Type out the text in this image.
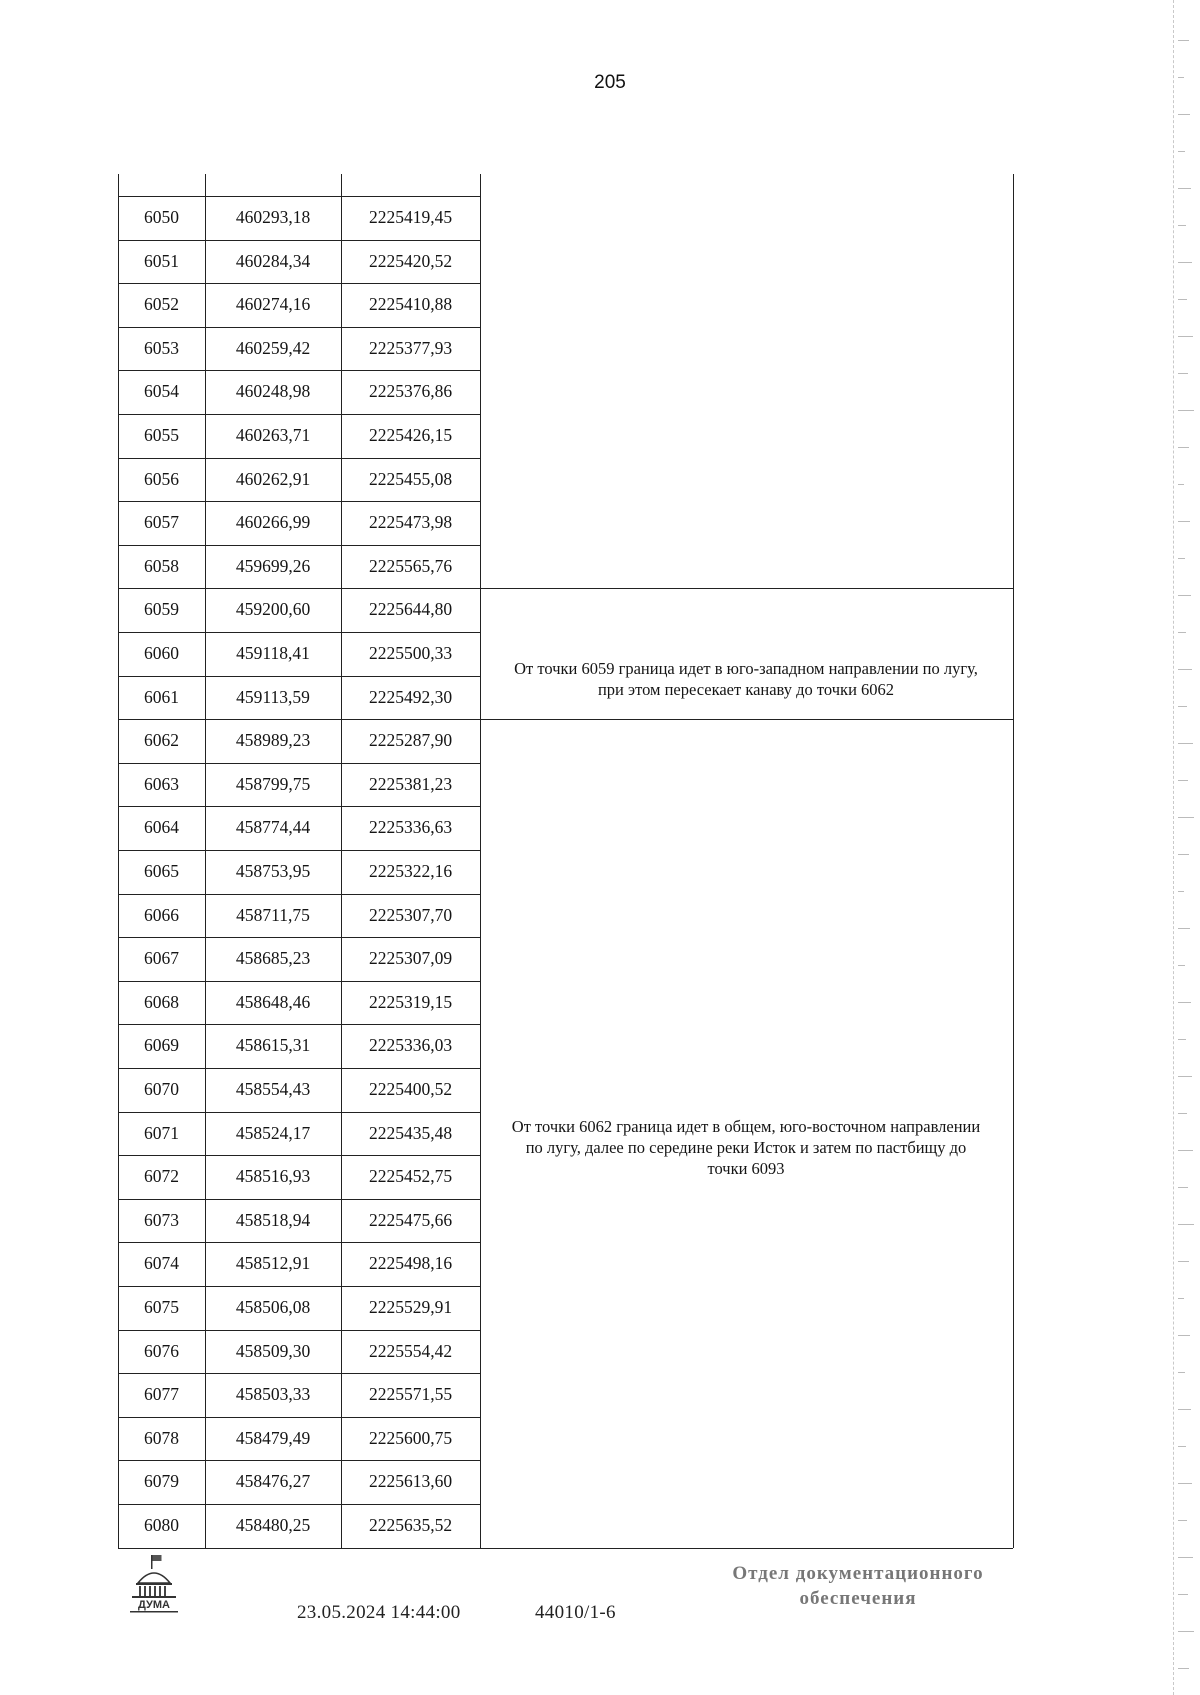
205
6050	460293,18	2225419,45
6051	460284,34	2225420,52
6052	460274,16	2225410,88
6053	460259,42	2225377,93
6054	460248,98	2225376,86
6055	460263,71	2225426,15
6056	460262,91	2225455,08
6057	460266,99	2225473,98
6058	459699,26	2225565,76
6059	459200,60	2225644,80
6060	459118,41	2225500,33
6061	459113,59	2225492,30
6062	458989,23	2225287,90
6063	458799,75	2225381,23
6064	458774,44	2225336,63
6065	458753,95	2225322,16
6066	458711,75	2225307,70
6067	458685,23	2225307,09
6068	458648,46	2225319,15
6069	458615,31	2225336,03
6070	458554,43	2225400,52
6071	458524,17	2225435,48
6072	458516,93	2225452,75
6073	458518,94	2225475,66
6074	458512,91	2225498,16
6075	458506,08	2225529,91
6076	458509,30	2225554,42
6077	458503,33	2225571,55
6078	458479,49	2225600,75
6079	458476,27	2225613,60
6080	458480,25	2225635,52
От точки 6059 граница идет в юго-западном направлении по лугу,
при этом пересекает канаву до точки 6062
От точки 6062 граница идет в общем, юго-восточном направлении
по лугу, далее по середине реки Исток и затем по пастбищу до
точки 6093
ДУМА	23.05.2024 14:44:00	44010/1-6
Отдел документационного
обеспечения
